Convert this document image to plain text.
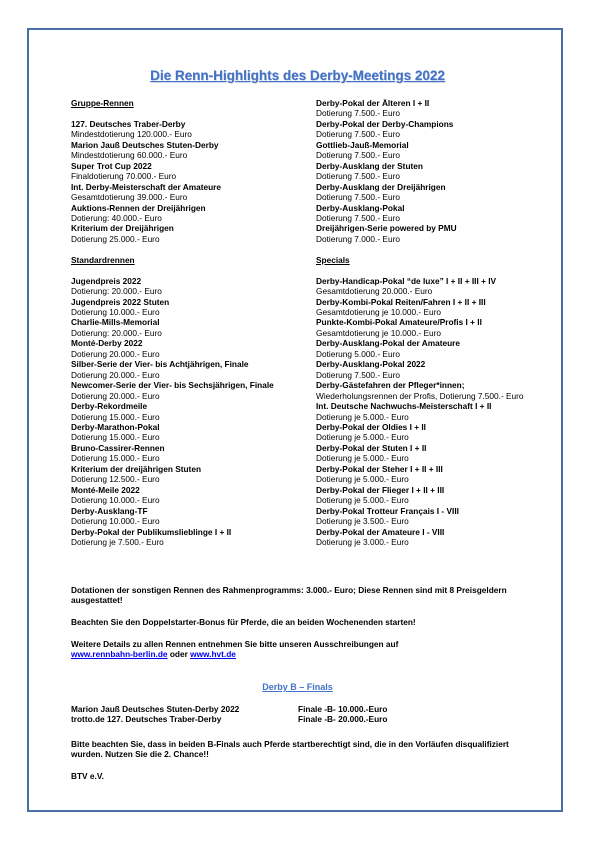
Die Renn-Highlights des Derby-Meetings 2022
Gruppe-Rennen
127. Deutsches Traber-Derby
Mindestdotierung 120.000.- Euro
Marion Jauß Deutsches Stuten-Derby
Mindestdotierung 60.000.- Euro
Super Trot Cup 2022
Finaldotierung 70.000.- Euro
Int. Derby-Meisterschaft der Amateure
Gesamtdotierung 39.000.- Euro
Auktions-Rennen der Dreijährigen
Dotierung: 40.000.- Euro
Kriterium der Dreijährigen
Dotierung 25.000.- Euro
Standardrennen
Jugendpreis 2022
Dotierung: 20.000.- Euro
Jugendpreis 2022 Stuten
Dotierung 10.000.- Euro
Charlie-Mills-Memorial
Dotierung: 20.000.- Euro
Monté-Derby 2022
Dotierung 20.000.- Euro
Silber-Serie der Vier- bis Achtjährigen, Finale
Dotierung 20.000.- Euro
Newcomer-Serie der Vier- bis Sechsjährigen, Finale
Dotierung 20.000.- Euro
Derby-Rekordmeile
Dotierung 15.000.- Euro
Derby-Marathon-Pokal
Dotierung 15.000.- Euro
Bruno-Cassirer-Rennen
Dotierung 15.000.- Euro
Kriterium der dreijährigen Stuten
Dotierung 12.500.- Euro
Monté-Meile 2022
Dotierung 10.000.- Euro
Derby-Ausklang-TF
Dotierung 10.000.- Euro
Derby-Pokal der Publikumslieblinge I + II
Dotierung je 7.500.- Euro
Derby-Pokal der Älteren I + II
Dotierung 7.500.- Euro
Derby-Pokal der Derby-Champions
Dotierung 7.500.- Euro
Gottlieb-Jauß-Memorial
Dotierung 7.500.- Euro
Derby-Ausklang der Stuten
Dotierung 7.500.- Euro
Derby-Ausklang der Dreijährigen
Dotierung 7.500.- Euro
Derby-Ausklang-Pokal
Dotierung 7.500.- Euro
Dreijährigen-Serie powered by PMU
Dotierung 7.000.- Euro
Specials
Derby-Handicap-Pokal “de luxe” I + II + III + IV
Gesamtdotierung 20.000.- Euro
Derby-Kombi-Pokal Reiten/Fahren I + II + III
Gesamtdotierung je 10.000.- Euro
Punkte-Kombi-Pokal Amateure/Profis I + II
Gesamtdotierung je 10.000.- Euro
Derby-Ausklang-Pokal der Amateure
Dotierung 5.000.- Euro
Derby-Ausklang-Pokal 2022
Dotierung 7.500.- Euro
Derby-Gästefahren der Pfleger*innen;
Wiederholungsrennen der Profis, Dotierung 7.500.- Euro
Int. Deutsche Nachwuchs-Meisterschaft I + II
Dotierung je 5.000.- Euro
Derby-Pokal der Oldies I + II
Dotierung je 5.000.- Euro
Derby-Pokal der Stuten I + II
Dotierung je 5.000.- Euro
Derby-Pokal der Steher I + II + III
Dotierung je 5.000.- Euro
Derby-Pokal der Flieger I + II + III
Dotierung je 5.000.- Euro
Derby-Pokal Trotteur Français I - VIII
Dotierung je 3.500.- Euro
Derby-Pokal der Amateure I - VIII
Dotierung je 3.000.- Euro
Dotationen der sonstigen Rennen des Rahmenprogramms: 3.000.- Euro; Diese Rennen sind mit 8 Preisgeldern ausgestattet!
Beachten Sie den Doppelstarter-Bonus für Pferde, die an beiden Wochenenden starten!
Weitere Details zu allen Rennen entnehmen Sie bitte unseren Ausschreibungen auf
www.rennbahn-berlin.de oder www.hvt.de
Derby B – Finals
Marion Jauß Deutsches Stuten-Derby 2022	Finale -B- 10.000.-Euro
trotto.de 127. Deutsches Traber-Derby	Finale -B- 20.000.-Euro
Bitte beachten Sie, dass in beiden B-Finals auch Pferde startberechtigt sind, die in den Vorläufen disqualifiziert wurden. Nutzen Sie die 2. Chance!!
BTV e.V.
